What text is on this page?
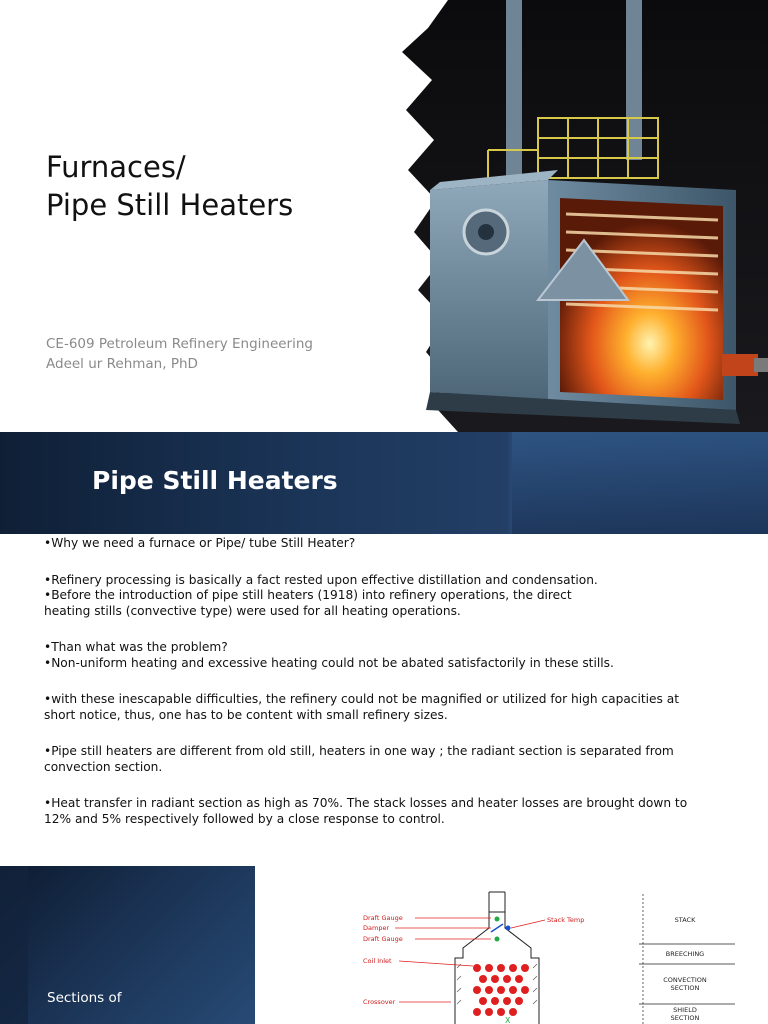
Furnaces/
Pipe Still Heaters
CE-609 Petroleum Refinery Engineering
Adeel ur Rehman, PhD
Pipe Still Heaters

•Why we need a furnace or Pipe/ tube Still Heater?

•Refinery processing is basically a fact rested upon effective distillation and condensation.

•Before the introduction of pipe still heaters (1918) into refinery operations, the direct heating stills (convective type) were used for all heating operations.

•Than what was the problem?

•Non-uniform heating and excessive heating could not be abated satisfactorily in these stills.

•with these inescapable difficulties, the refinery could not be magnified or utilized for high capacities at short notice, thus, one has to be content with small refinery sizes.

•Pipe still heaters are different from old still, heaters in one way ; the radiant section is separated from convection section.

•Heat transfer in radiant section as high as 70%. The stack losses and heater losses are brought down to 12% and 5% respectively followed by a close response to control.

Sections of
X
Draft Gauge
Damper
Draft Gauge
Coil Inlet
Crossover
Stack Temp	STACK
BREECHING
CONVECTION
SECTION
SHIELD
SECTION
